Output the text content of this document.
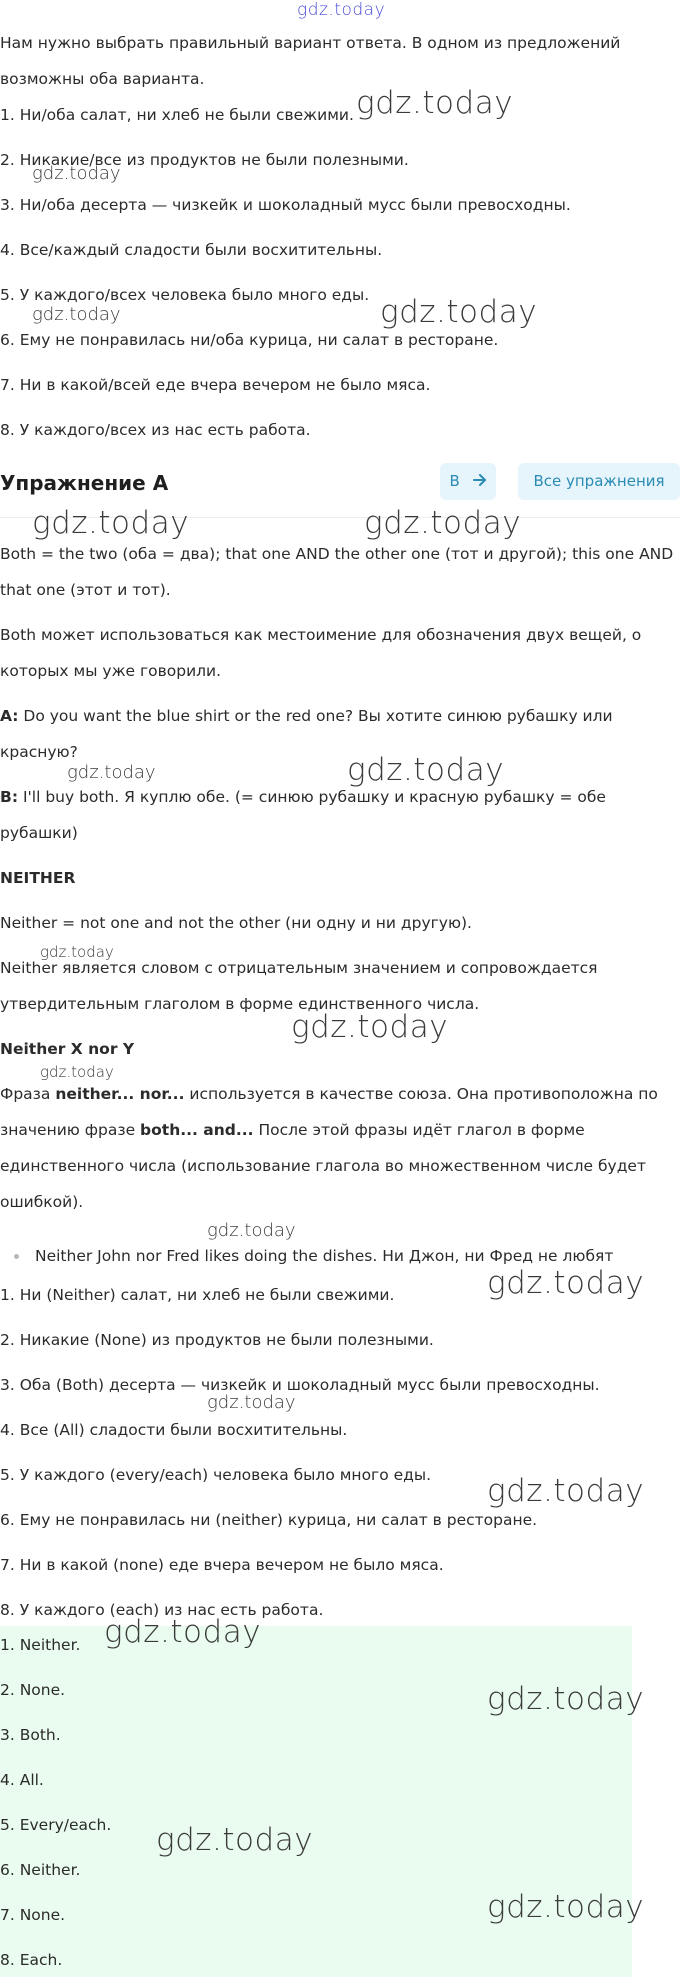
gdz.today
Нам нужно выбрать правильный вариант ответа. В одном из предложений
возможны оба варианта.
1. Ни/оба салат, ни хлеб не были свежими.
2. Никакие/все из продуктов не были полезными.
3. Ни/оба десерта — чизкейк и шоколадный мусс были превосходны.
4. Все/каждый сладости были восхитительны.
5. У каждого/всех человека было много еды.
6. Ему не понравилась ни/оба курица, ни салат в ресторане.
7. Ни в какой/всей еде вчера вечером не было мяса.
8. У каждого/всех из нас есть работа.
Упражнение A	B	Все упражнения
Both = the two (оба = два); that one AND the other one (тот и другой); this one AND
that one (этот и тот).
Both может использоваться как местоимение для обозначения двух вещей, о
которых мы уже говорили.
A: Do you want the blue shirt or the red one? Вы хотите синюю рубашку или
красную?
B: I'll buy both. Я куплю обе. (= синюю рубашку и красную рубашку = обе
рубашки)
NEITHER
Neither = not one and not the other (ни одну и ни другую).
Neither является словом с отрицательным значением и сопровождается
утвердительным глаголом в форме единственного числа.
Neither X nor Y
Фраза neither... nor... используется в качестве союза. Она противоположна по
значению фразе both... and... После этой фразы идёт глагол в форме
единственного числа (использование глагола во множественном числе будет
ошибкой).
Neither John nor Fred likes doing the dishes. Ни Джон, ни Фред не любят
1. Ни (Neither) салат, ни хлеб не были свежими.
2. Никакие (None) из продуктов не были полезными.
3. Оба (Both) десерта — чизкейк и шоколадный мусс были превосходны.
4. Все (All) сладости были восхитительны.
5. У каждого (every/each) человека было много еды.
6. Ему не понравилась ни (neither) курица, ни салат в ресторане.
7. Ни в какой (none) еде вчера вечером не было мяса.
8. У каждого (each) из нас есть работа.
1. Neither.
2. None.
3. Both.
4. All.
5. Every/each.
6. Neither.
7. None.
8. Each.
gdz.today
gdz.today
gdz.today	gdz.today
gdz.today	gdz.today
gdz.today	gdz.today
gdz.today
gdz.today
gdz.today
gdz.today
gdz.today
gdz.today
gdz.today
gdz.today
gdz.today
gdz.today
gdz.today
